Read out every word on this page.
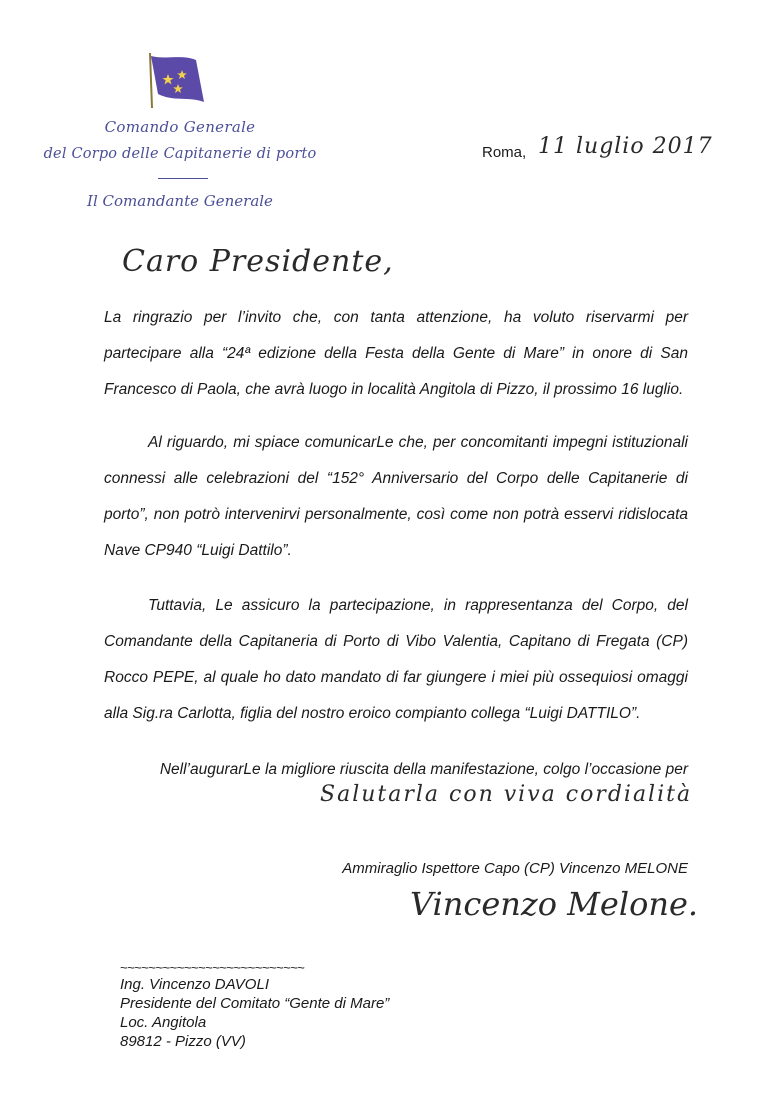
Comando Generale
del Corpo delle Capitanerie di porto
Il Comandante Generale
Roma, 11 luglio 2017
Caro Presidente,

La ringrazio per l’invito che, con tanta attenzione, ha voluto riservarmi per partecipare alla “24ª edizione della Festa della Gente di Mare” in onore di San Francesco di Paola, che avrà luogo in località Angitola di Pizzo, il prossimo 16 luglio.

Al riguardo, mi spiace comunicarLe che, per concomitanti impegni istituzionali connessi alle celebrazioni del “152° Anniversario del Corpo delle Capitanerie di porto”, non potrò intervenirvi personalmente, così come non potrà esservi ridislocata Nave CP940 “Luigi Dattilo”.

Tuttavia, Le assicuro la partecipazione, in rappresentanza del Corpo, del Comandante della Capitaneria di Porto di Vibo Valentia, Capitano di Fregata (CP) Rocco PEPE, al quale ho dato mandato di far giungere i miei più ossequiosi omaggi alla Sig.ra Carlotta, figlia del nostro eroico compianto collega “Luigi DATTILO”.

Nell’augurarLe la migliore riuscita della manifestazione, colgo l’occasione per

Salutarla con viva cordialità
Ammiraglio Ispettore Capo (CP) Vincenzo MELONE
Vincenzo Melone.
~~~~~~~~~~~~~~~~~~~~~~~~~~
Ing. Vincenzo DAVOLI
Presidente del Comitato “Gente di Mare”
Loc. Angitola
89812 - Pizzo (VV)
